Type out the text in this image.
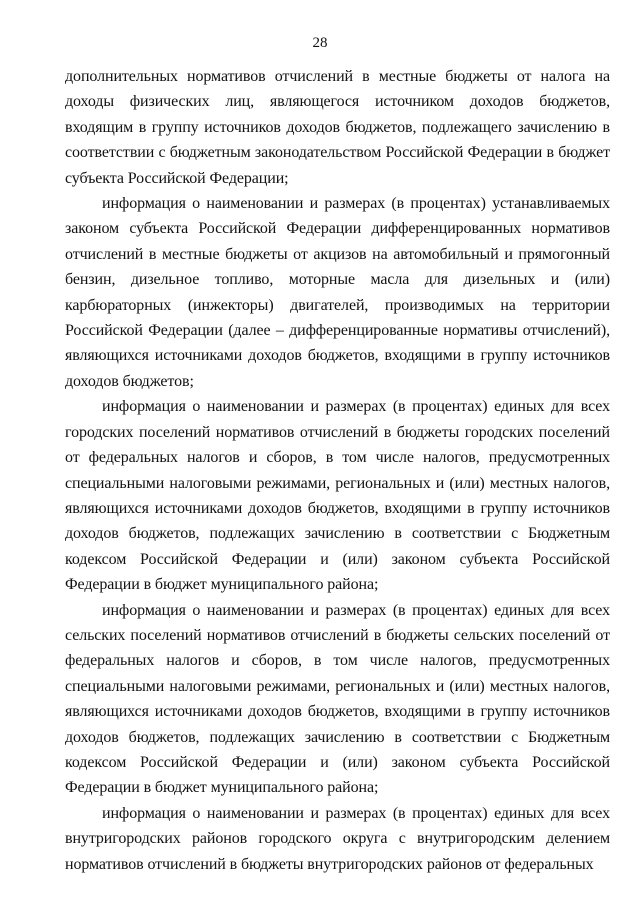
28

дополнительных нормативов отчислений в местные бюджеты от налога на доходы физических лиц, являющегося источником доходов бюджетов, входящим в группу источников доходов бюджетов, подлежащего зачислению в соответствии с бюджетным законодательством Российской Федерации в бюджет субъекта Российской Федерации;

информация о наименовании и размерах (в процентах) устанавливаемых законом субъекта Российской Федерации дифференцированных нормативов отчислений в местные бюджеты от акцизов на автомобильный и прямогонный бензин, дизельное топливо, моторные масла для дизельных и (или) карбюраторных (инжекторы) двигателей, производимых на территории Российской Федерации (далее – дифференцированные нормативы отчислений), являющихся источниками доходов бюджетов, входящими в группу источников доходов бюджетов;

информация о наименовании и размерах (в процентах) единых для всех городских поселений нормативов отчислений в бюджеты городских поселений от федеральных налогов и сборов, в том числе налогов, предусмотренных специальными налоговыми режимами, региональных и (или) местных налогов, являющихся источниками доходов бюджетов, входящими в группу источников доходов бюджетов, подлежащих зачислению в соответствии с Бюджетным кодексом Российской Федерации и (или) законом субъекта Российской Федерации в бюджет муниципального района;

информация о наименовании и размерах (в процентах) единых для всех сельских поселений нормативов отчислений в бюджеты сельских поселений от федеральных налогов и сборов, в том числе налогов, предусмотренных специальными налоговыми режимами, региональных и (или) местных налогов, являющихся источниками доходов бюджетов, входящими в группу источников доходов бюджетов, подлежащих зачислению в соответствии с Бюджетным кодексом Российской Федерации и (или) законом субъекта Российской Федерации в бюджет муниципального района;

информация о наименовании и размерах (в процентах) единых для всех внутригородских районов городского округа с внутригородским делением нормативов отчислений в бюджеты внутригородских районов от федеральных
